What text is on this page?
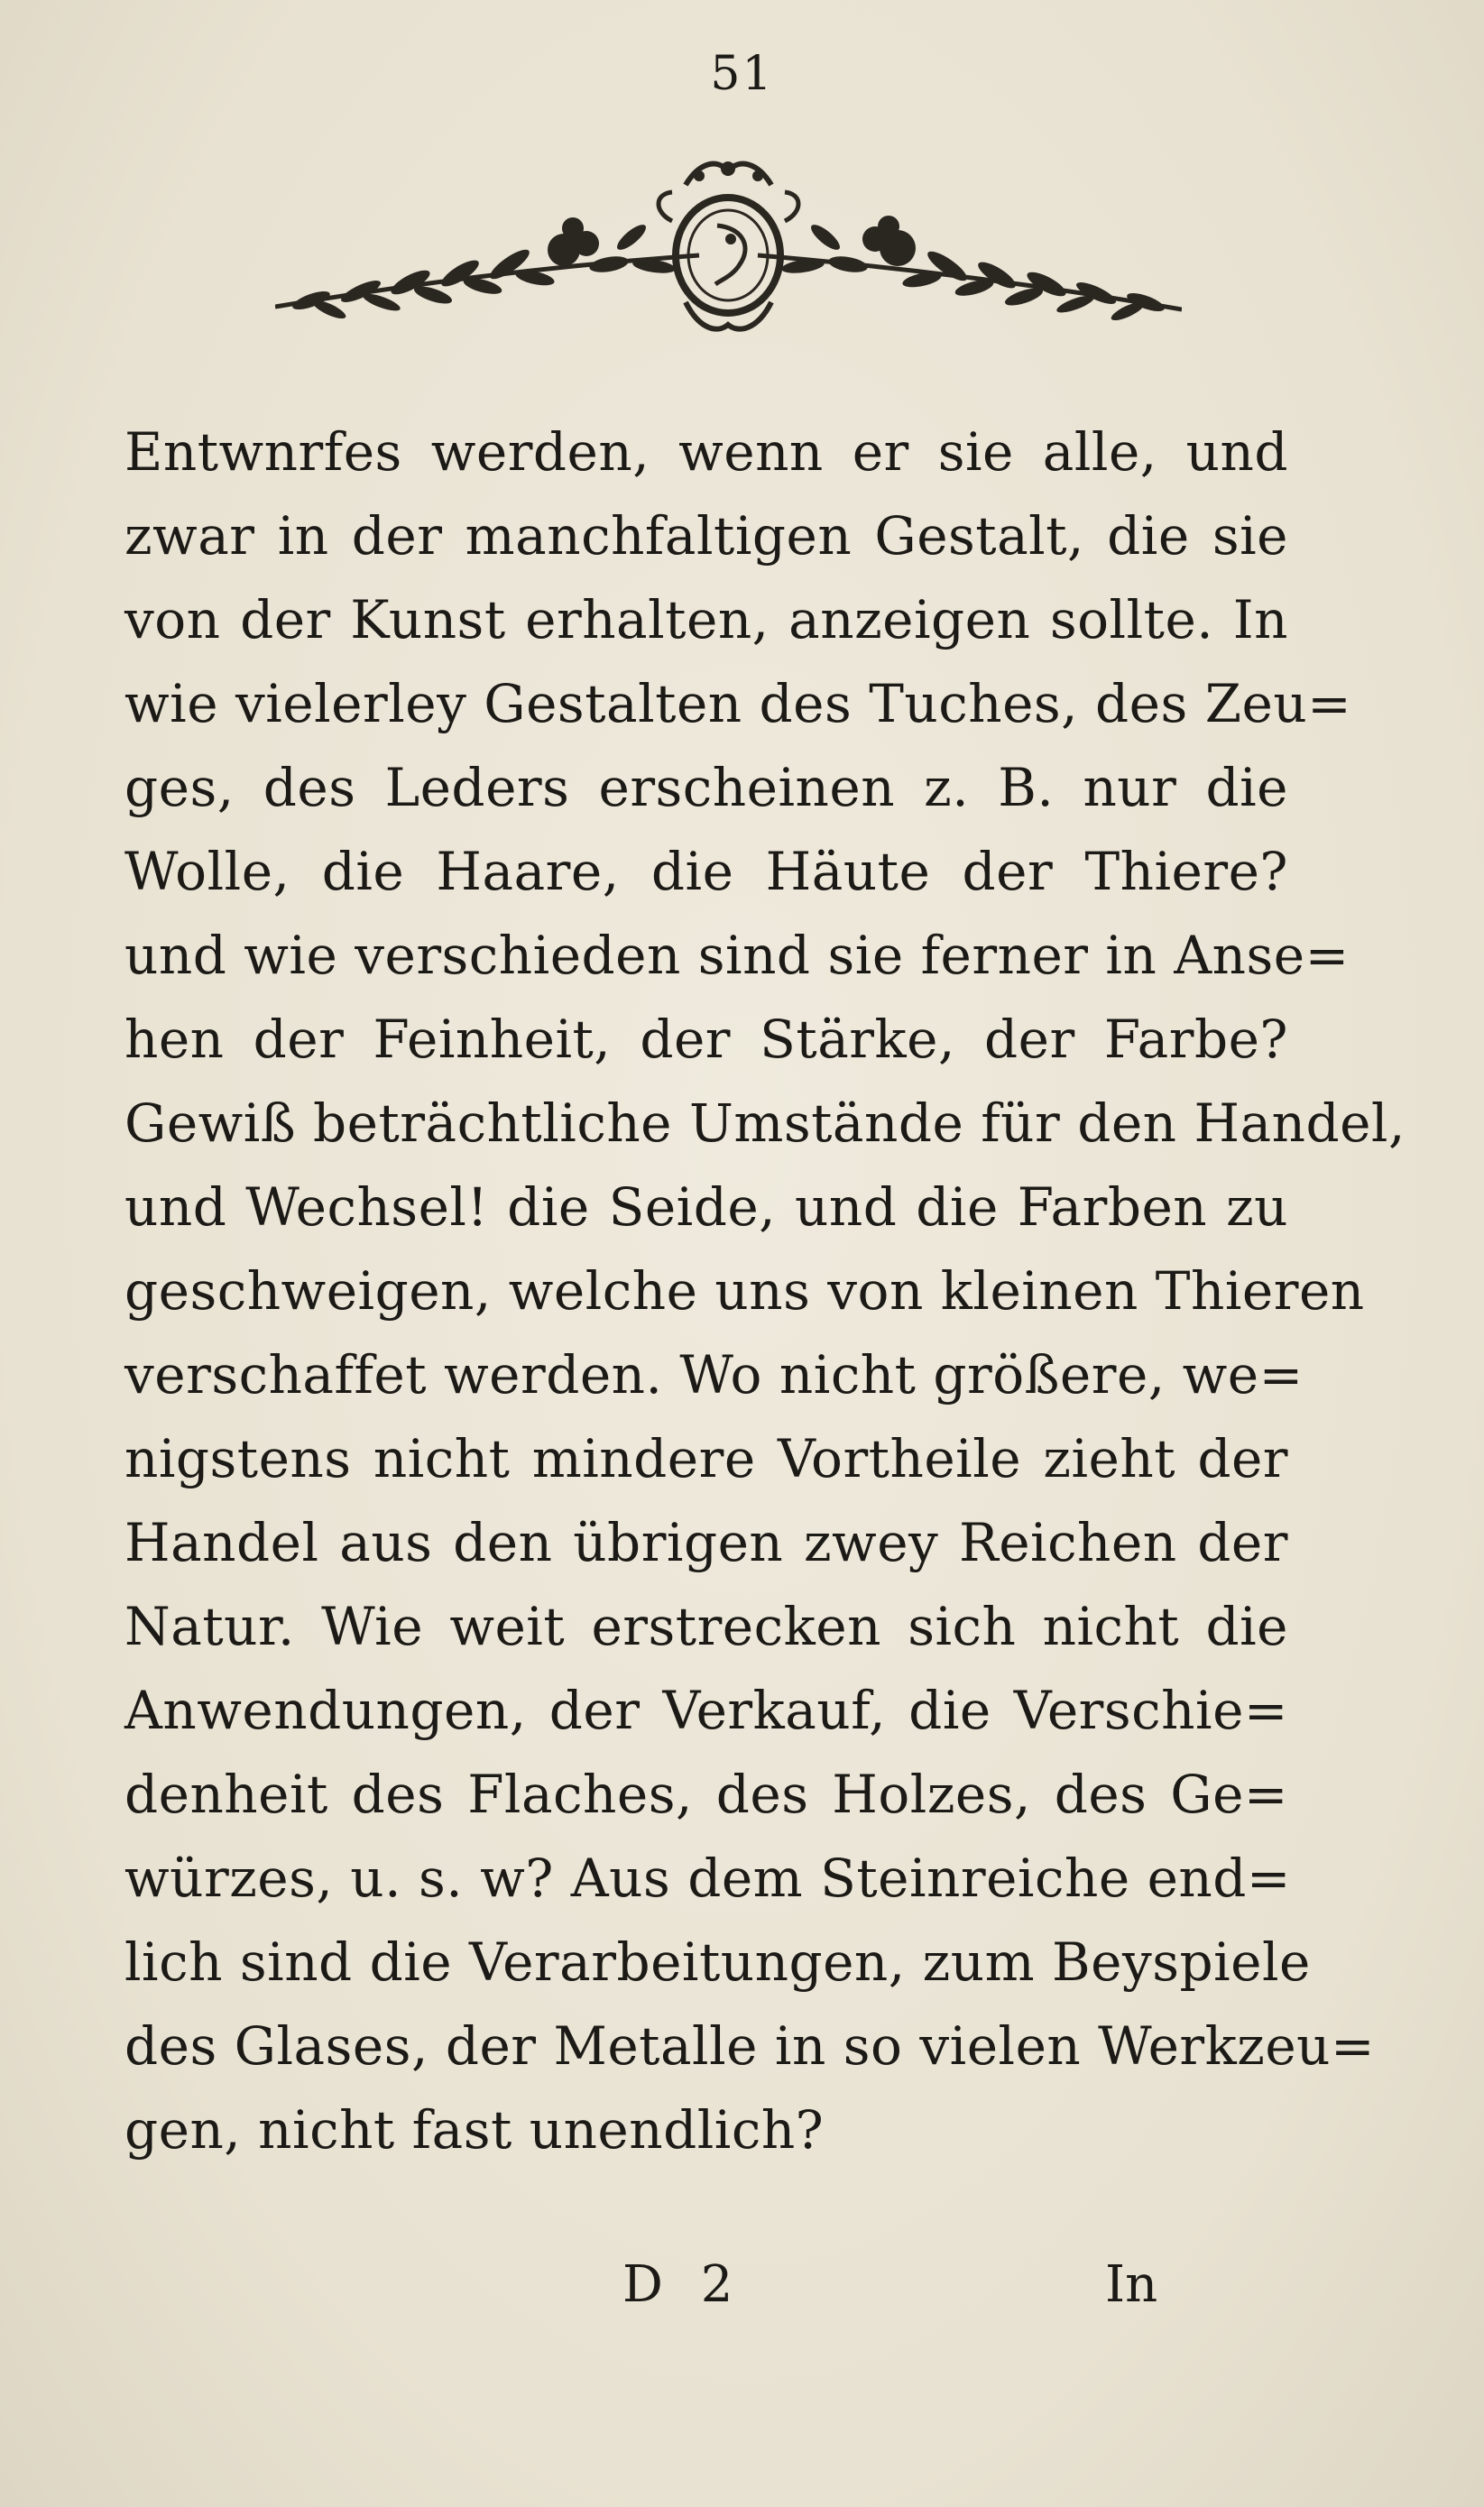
51
Entwnrfes werden, wenn er sie alle, und
zwar in der manchfaltigen Gestalt, die sie
von der Kunst erhalten, anzeigen sollte. In
wie vielerley Gestalten des Tuches, des Zeu=
ges, des Leders erscheinen z. B. nur die
Wolle, die Haare, die Häute der Thiere?
und wie verschieden sind sie ferner in Anse=
hen der Feinheit, der Stärke, der Farbe?
Gewiß beträchtliche Umstände für den Handel,
und Wechsel! die Seide, und die Farben zu
geschweigen, welche uns von kleinen Thieren
verschaffet werden. Wo nicht größere, we=
nigstens nicht mindere Vortheile zieht der
Handel aus den übrigen zwey Reichen der
Natur. Wie weit erstrecken sich nicht die
Anwendungen, der Verkauf, die Verschie=
denheit des Flaches, des Holzes, des Ge=
würzes, u. s. w? Aus dem Steinreiche end=
lich sind die Verarbeitungen, zum Beyspiele
des Glases, der Metalle in so vielen Werkzeu=
gen, nicht fast unendlich?
D 2	In
